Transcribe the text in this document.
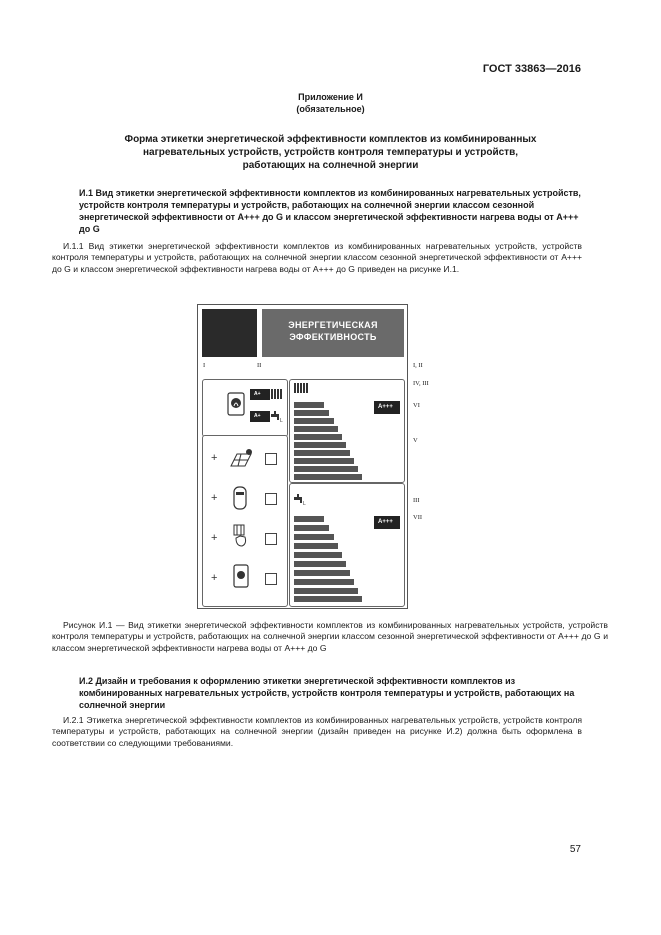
ГОСТ 33863—2016
Приложение И
(обязательное)
Форма этикетки энергетической эффективности комплектов из комбинированных
нагревательных устройств, устройств контроля температуры и устройств,
работающих на солнечной энергии
И.1 Вид этикетки энергетической эффективности комплектов из комбинированных нагревательных устройств, устройств контроля температуры и устройств, работающих на солнечной энергии классом сезонной энергетической эффективности от A+++ до G и классом энергетической эффективности нагрева воды от A+++ до G
И.1.1 Вид этикетки энергетической эффективности комплектов из комбинированных нагревательных устройств, устройств контроля температуры и устройств, работающих на солнечной энергии классом сезонной энергетической эффективности от A+++ до G и классом энергетической эффективности нагрева воды от A+++ до G приведен на рисунке И.1.
ЭНЕРГЕТИЧЕСКАЯ ЭФФЕКТИВНОСТЬ
A+
A+
L
+
+
+
+
A+++
L
A+++
I	II	I, II
IV, III
VI
V
III
VII
Рисунок И.1 — Вид этикетки энергетической эффективности комплектов из комбинированных нагревательных устройств, устройств контроля температуры и устройств, работающих на солнечной энергии классом сезонной энергетической эффективности от A+++ до G и классом энергетической эффективности нагрева воды от A+++ до G
И.2 Дизайн и требования к оформлению этикетки энергетической эффективности комплектов из комбинированных нагревательных устройств, устройств контроля температуры и устройств, работающих на солнечной энергии
И.2.1 Этикетка энергетической эффективности комплектов из комбинированных нагревательных устройств, устройств контроля температуры и устройств, работающих на солнечной энергии (дизайн приведен на рисунке И.2) должна быть оформлена в соответствии со следующими требованиями.
57
